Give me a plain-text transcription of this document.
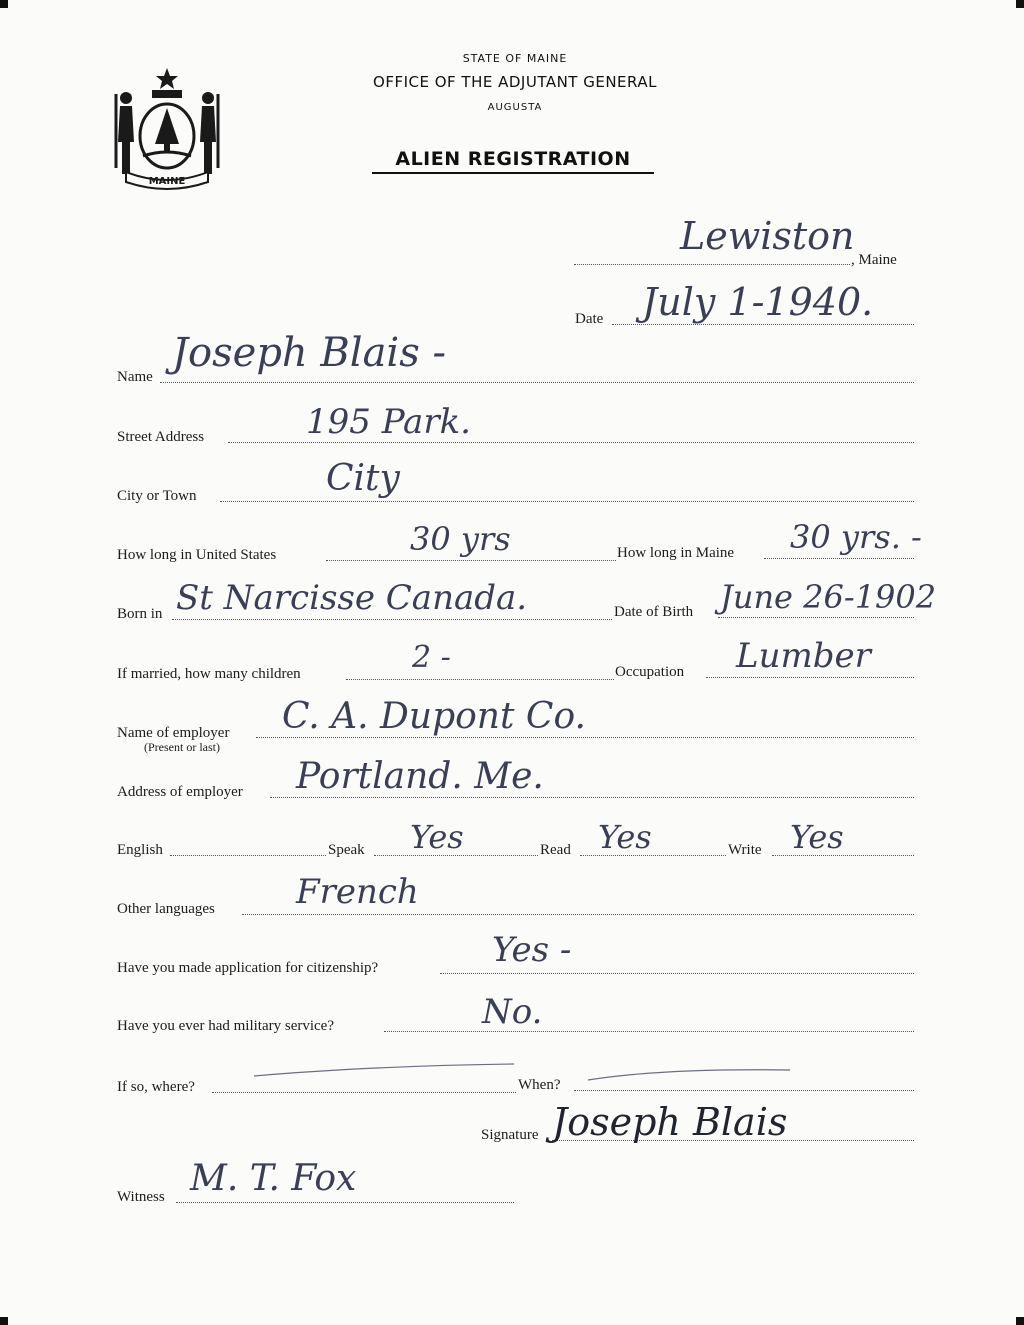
MAINE
STATE OF MAINE
OFFICE OF THE ADJUTANT GENERAL
AUGUSTA
ALIEN REGISTRATION
Lewiston
, Maine
Date July 1-1940.
Name
Joseph Blais -
Street Address	195 Park.
City or Town	City
How long in United States	30 yrs	How long in Maine 30 yrs. -
Born in St Narcisse Canada.	Date of Birth June 26-1902
If married, how many children	2 -	Occupation Lumber
Name of employer
(Present or last)
C. A. Dupont Co.
Address of employer Portland. Me.
English	Speak Yes	Read Yes	Write Yes
Other languages French
Have you made application for citizenship?	Yes -
Have you ever had military service?	No.
If so, where?	When?
Signature Joseph Blais
Witness M. T. Fox
